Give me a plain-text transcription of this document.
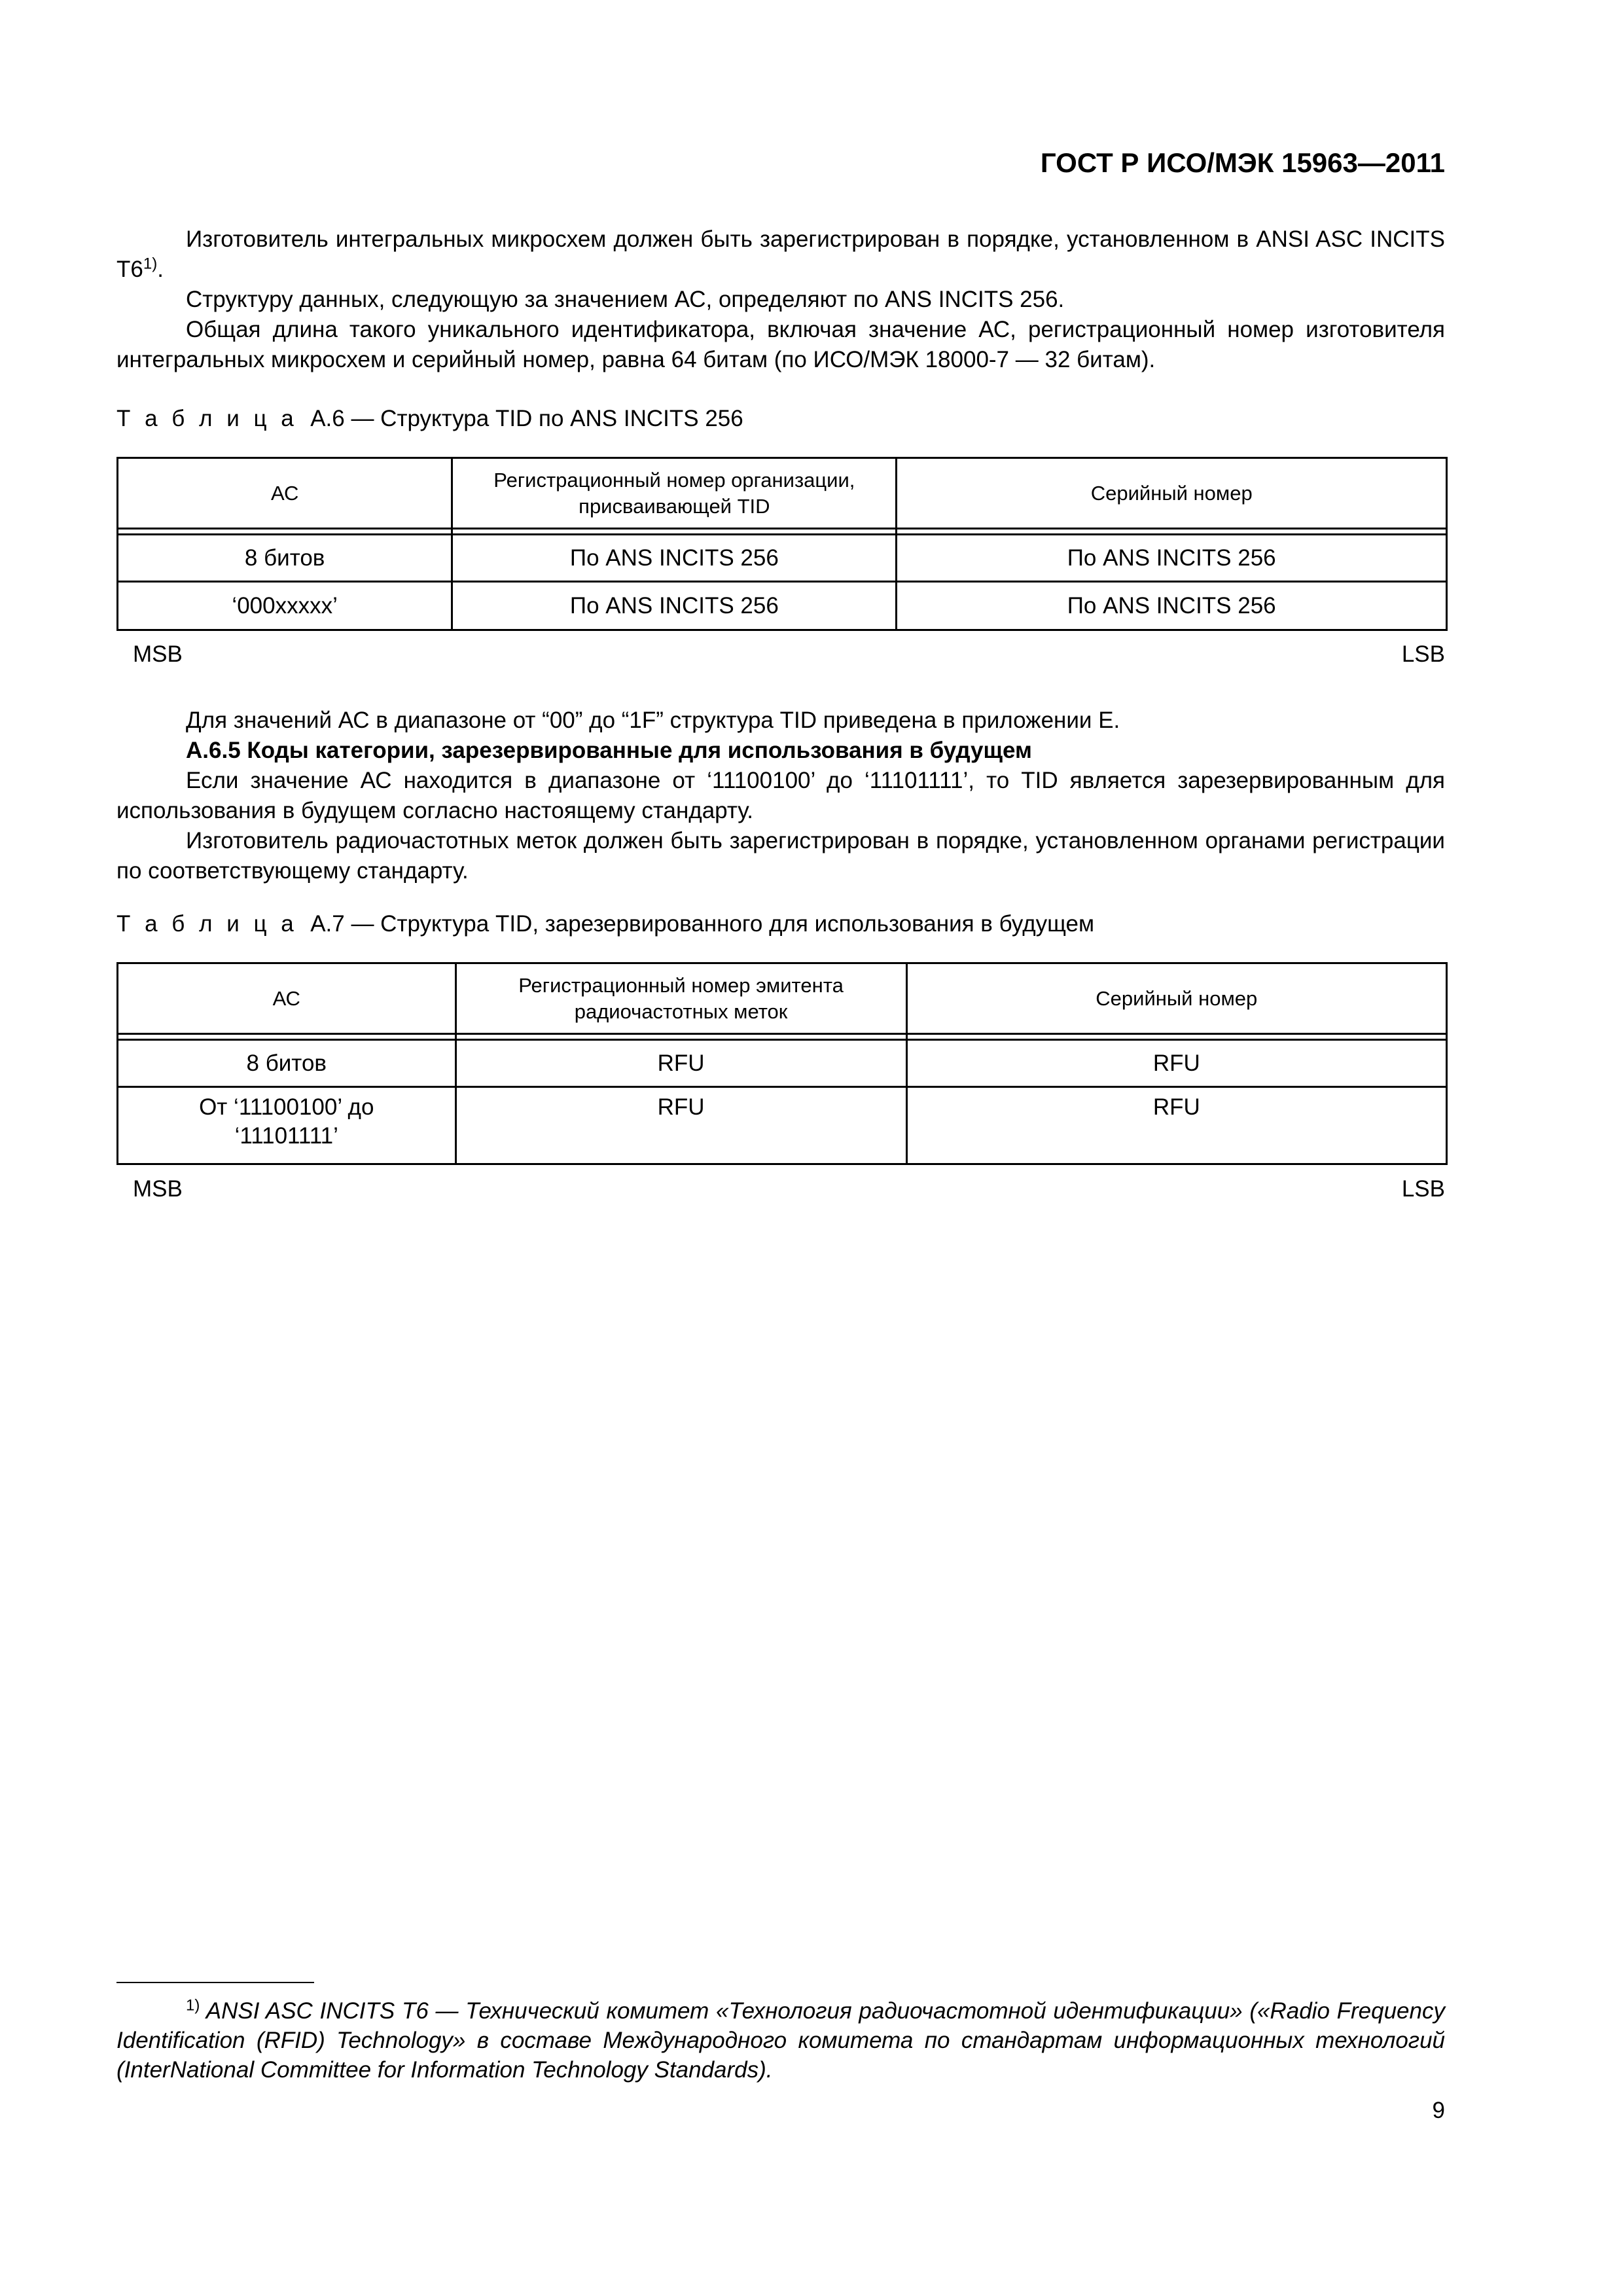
ГОСТ Р ИСО/МЭК 15963—2011

Изготовитель интегральных микросхем должен быть зарегистрирован в порядке, установленном в ANSI ASC INCITS T6$^{1)}$.

Структуру данных, следующую за значением АС, определяют по ANS INCITS 256.

Общая длина такого уникального идентификатора, включая значение АС, регистрационный номер изготовителя интегральных микросхем и серийный номер, равна 64 битам (по ИСО/МЭК 18000-7 — 32 битам).

Т а б л и ц а А.6 — Структура TID по ANS INCITS 256
АС	Регистрационный номер организации, присваивающей TID	Серийный номер

8 битов	По ANS INCITS 256	По ANS INCITS 256
‘000xxxxx’	По ANS INCITS 256	По ANS INCITS 256
MSB	LSB

Для значений АС в диапазоне от “00” до “1F” структура TID приведена в приложении Е.

А.6.5 Коды категории, зарезервированные для использования в будущем

Если значение АС находится в диапазоне от ‘11100100’ до ‘11101111’, то TID является зарезервированным для использования в будущем согласно настоящему стандарту.

Изготовитель радиочастотных меток должен быть зарегистрирован в порядке, установленном органами регистрации по соответствующему стандарту.

Т а б л и ц а А.7 — Структура TID, зарезервированного для использования в будущем
АС	Регистрационный номер эмитента радиочастотных меток	Серийный номер

8 битов	RFU	RFU
От ‘11100100’ до ‘11101111’	RFU	RFU
MSB	LSB
$^{1)}$ ANSI ASC INCITS T6 — Технический комитет «Технология радиочастотной идентификации» («Radio Frequency Identification (RFID) Technology» в составе Международного комитета по стандартам информационных технологий (InterNational Committee for Information Technology Standards).
9
